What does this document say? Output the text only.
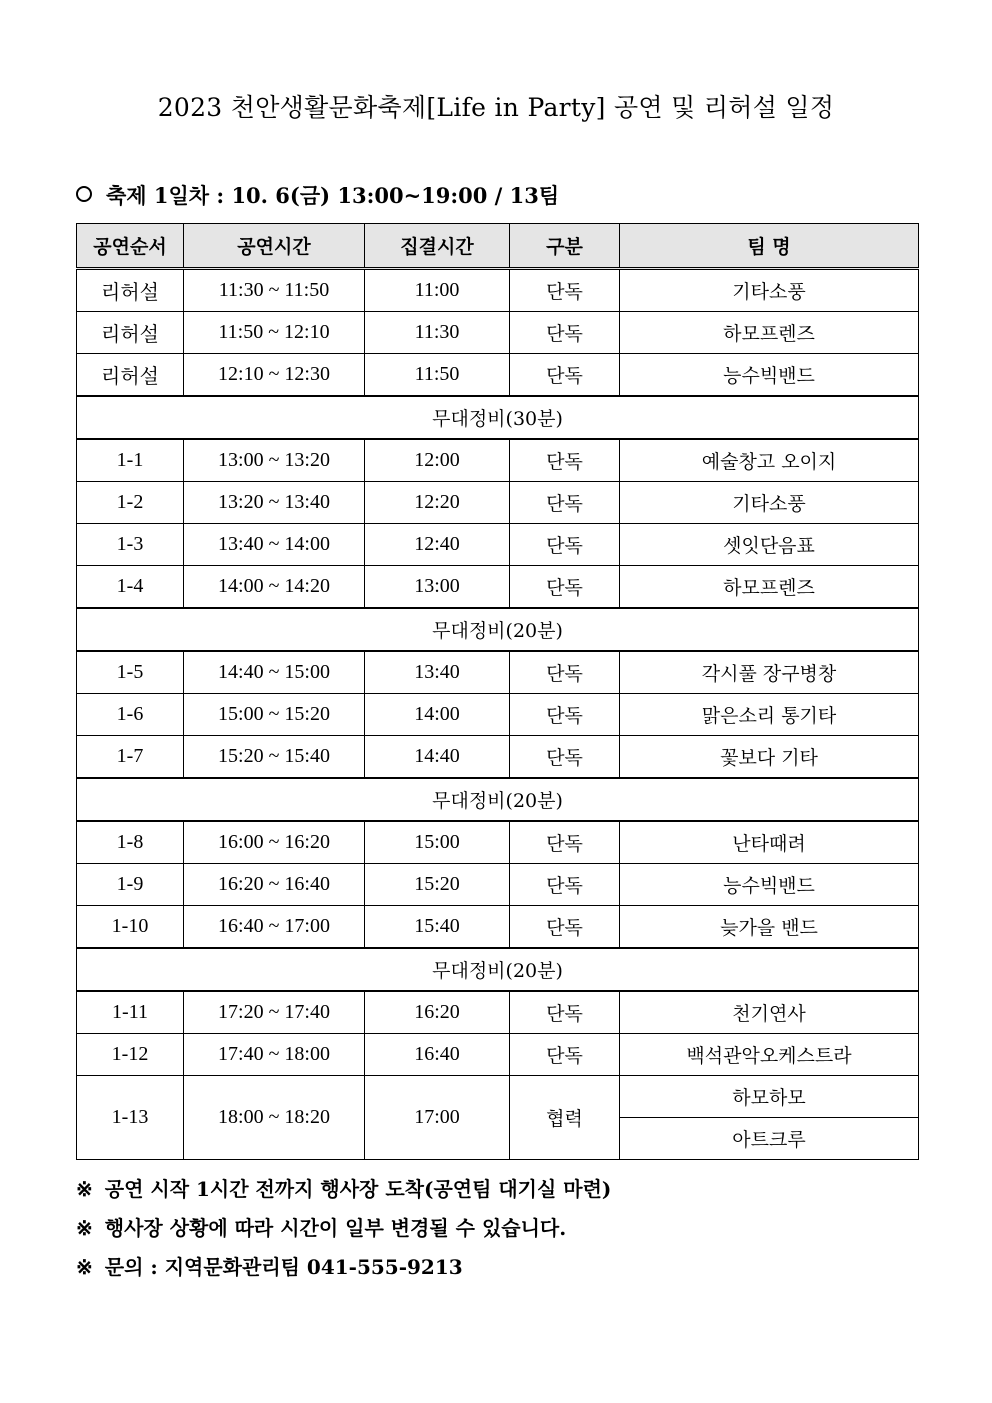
2023 천안생활문화축제[Life in Party] 공연 및 리허설 일정
축제 1일차 : 10. 6(금) 13:00~19:00 / 13팀
공연순서	공연시간	집결시간	구분	팀 명
리허설	11:30 ~ 11:50	11:00	단독	기타소풍
리허설	11:50 ~ 12:10	11:30	단독	하모프렌즈
리허설	12:10 ~ 12:30	11:50	단독	능수빅밴드
무대정비(30분)				
1-1	13:00 ~ 13:20	12:00	단독	예술창고 오이지
1-2	13:20 ~ 13:40	12:20	단독	기타소풍
1-3	13:40 ~ 14:00	12:40	단독	셋잇단음표
1-4	14:00 ~ 14:20	13:00	단독	하모프렌즈
무대정비(20분)				
1-5	14:40 ~ 15:00	13:40	단독	각시풀 장구병창
1-6	15:00 ~ 15:20	14:00	단독	맑은소리 통기타
1-7	15:20 ~ 15:40	14:40	단독	꽃보다 기타
무대정비(20분)				
1-8	16:00 ~ 16:20	15:00	단독	난타때려
1-9	16:20 ~ 16:40	15:20	단독	능수빅밴드
1-10	16:40 ~ 17:00	15:40	단독	늦가을 밴드
무대정비(20분)				
1-11	17:20 ~ 17:40	16:20	단독	천기연사
1-12	17:40 ~ 18:00	16:40	단독	백석관악오케스트라
1-13	18:00 ~ 18:20	17:00	협력	하모하모
				아트크루
※ 공연 시작 1시간 전까지 행사장 도착(공연팀 대기실 마련)
※ 행사장 상황에 따라 시간이 일부 변경될 수 있습니다.
※ 문의 : 지역문화관리팀 041-555-9213
